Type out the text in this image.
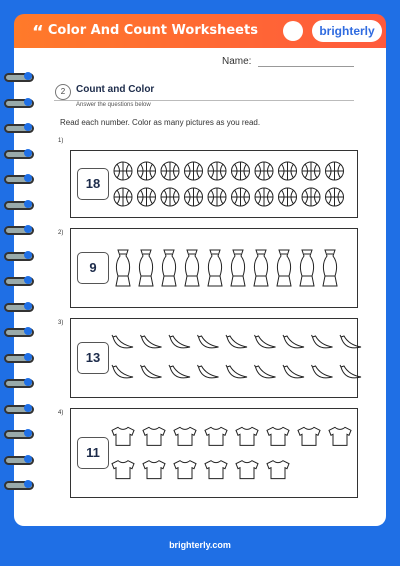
“ Color And Count Worksheets	brighterly
Name:
2	Count and Color
Answer the questions below
Read each number. Color as many pictures as you read.
1)
18
2)
9
3)
13
4)
11
brighterly.com
